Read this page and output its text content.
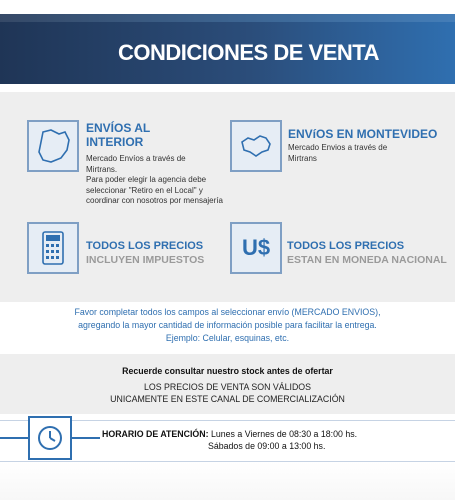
CONDICIONES DE VENTA
ENVÍOS AL
INTERIOR
Mercado Envíos a través de
Mirtrans.
Para poder elegir la agencia debe
seleccionar "Retiro en el Local" y
coordinar con nosotros por mensajería
ENVíOS EN MONTEVIDEO
Mercado Envios a través de
Mirtrans
TODOS LOS PRECIOS
INCLUYEN IMPUESTOS U$ TODOS LOS PRECIOS
ESTAN EN MONEDA NACIONAL
Favor completar todos los campos al seleccionar envío (MERCADO ENVIOS),
agregando la mayor cantidad de información posible para facilitar la entrega.
Ejemplo: Celular, esquinas, etc.
Recuerde consultar nuestro stock antes de ofertar
LOS PRECIOS DE VENTA SON VÁLIDOS
UNICAMENTE EN ESTE CANAL DE COMERCIALIZACIÓN
HORARIO DE ATENCIÓN: Lunes a Viernes de 08:30 a 18:00 hs.
Sábados de 09:00 a 13:00 hs.
